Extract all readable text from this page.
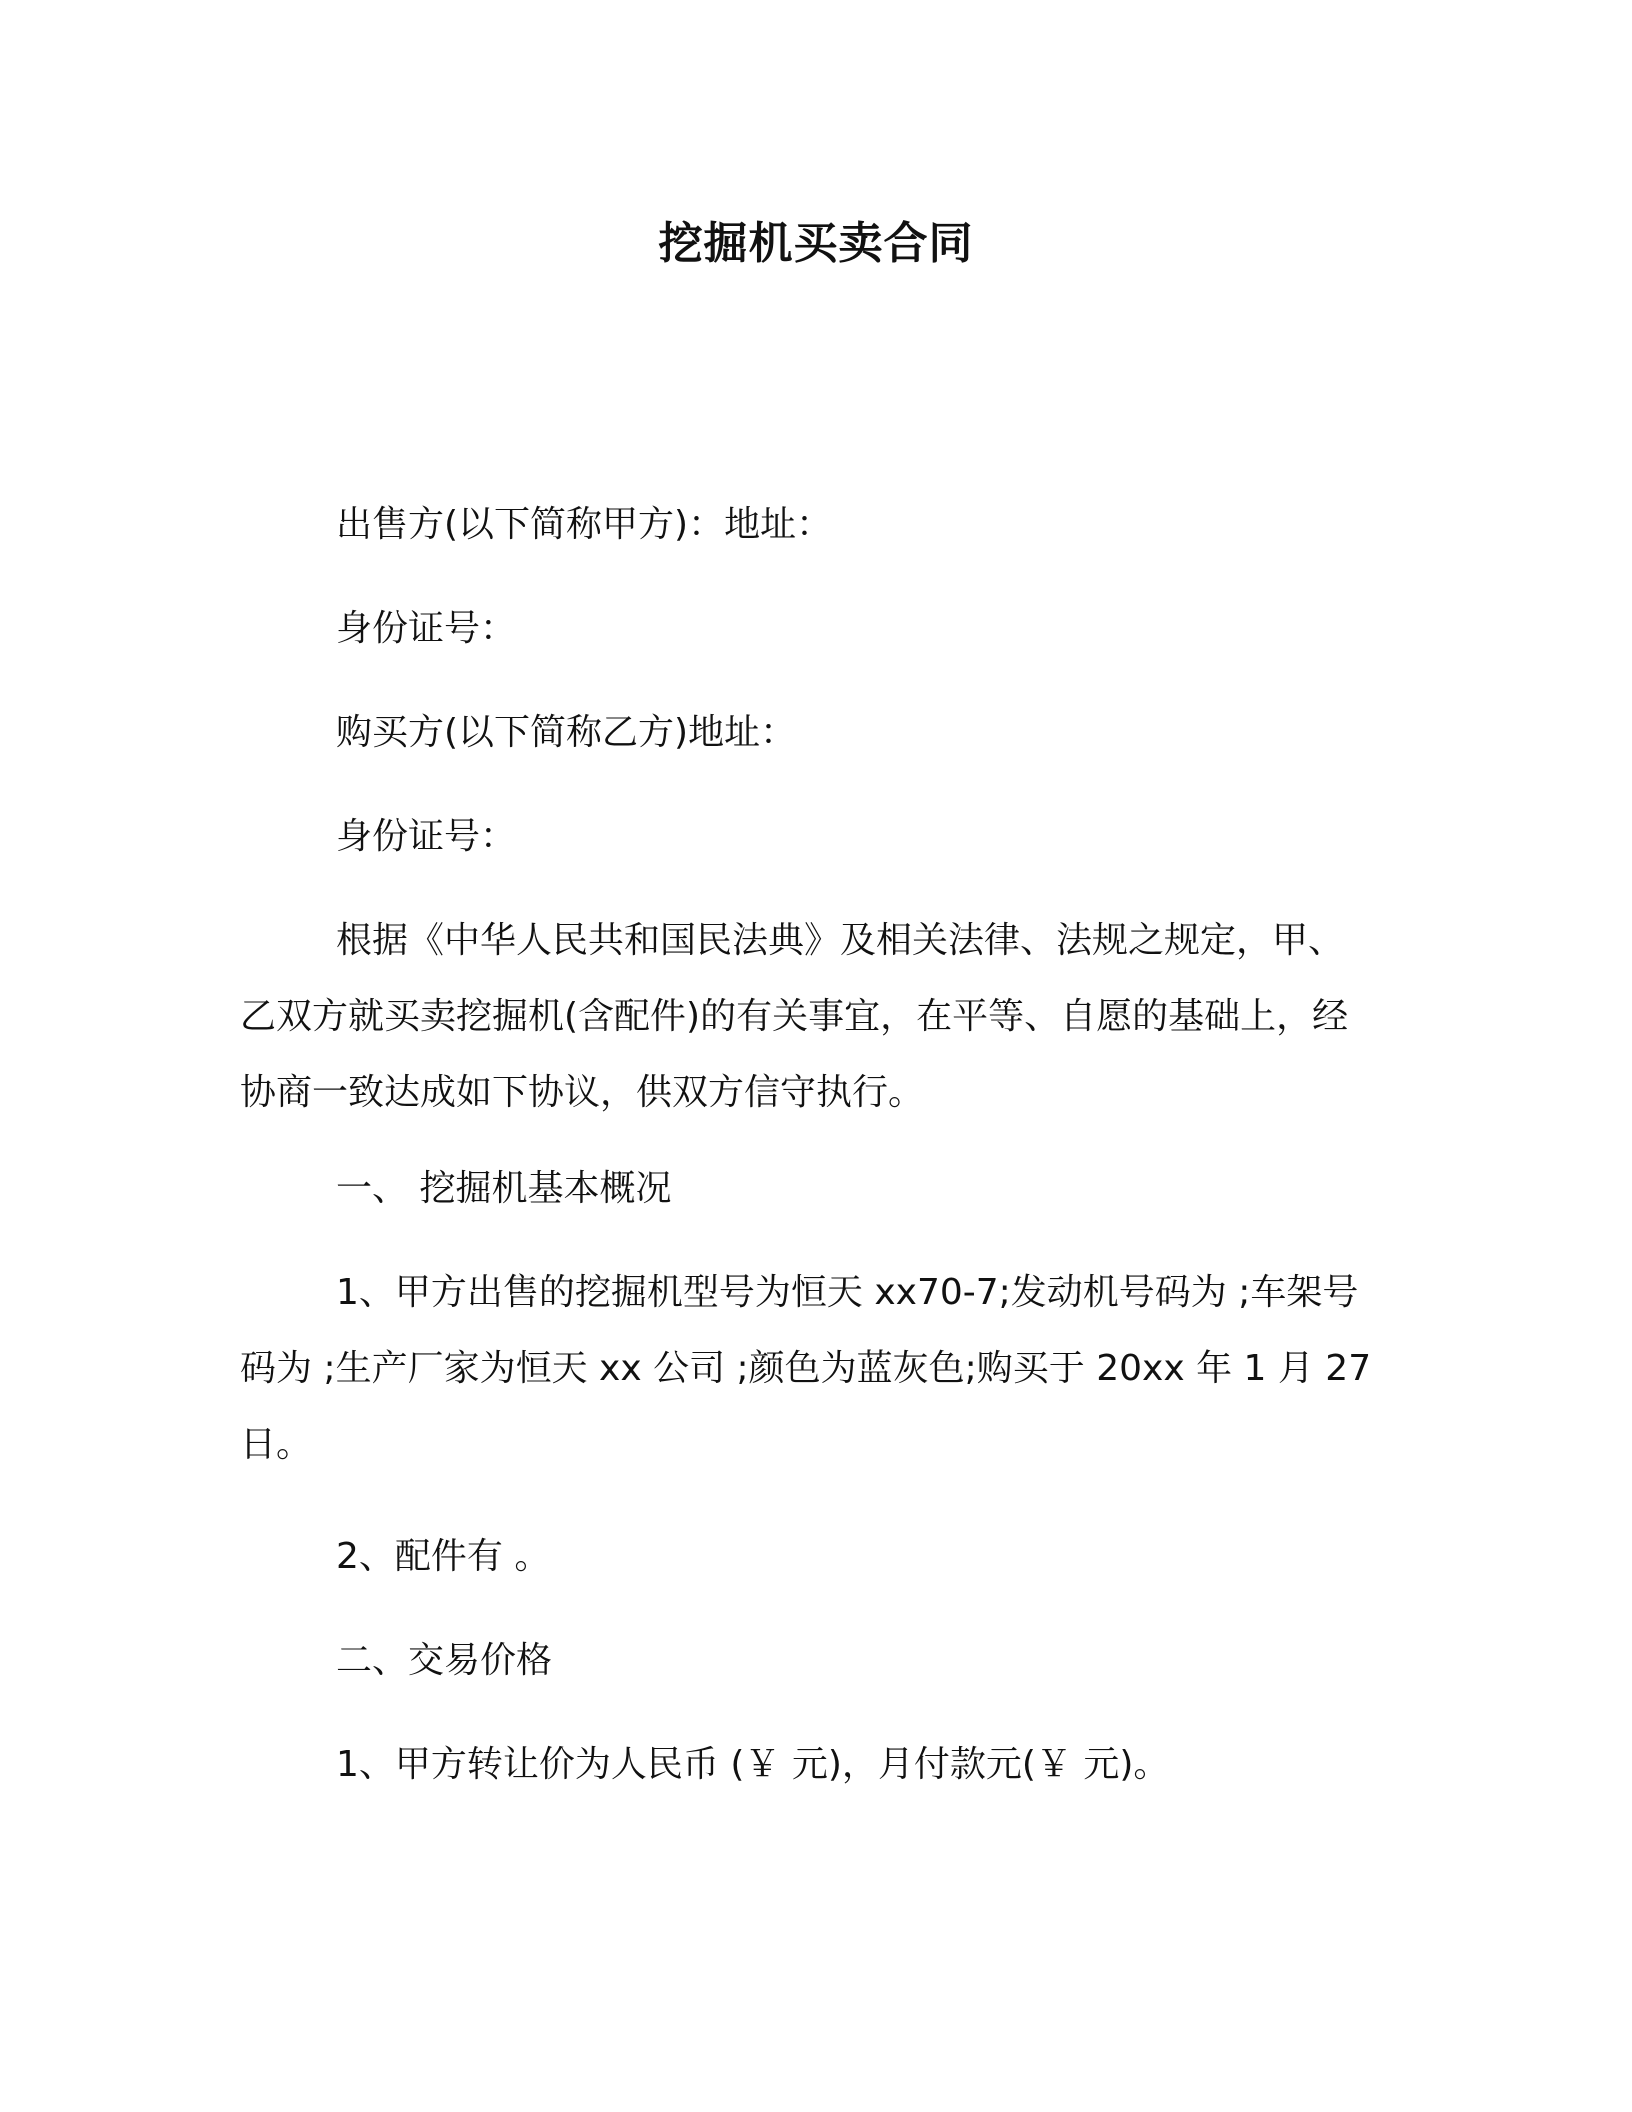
挖掘机买卖合同
出售方(以下简称甲方)：地址：
身份证号：
购买方(以下简称乙方)地址：
身份证号：
根据《中华人民共和国民法典》及相关法律、法规之规定，甲、
乙双方就买卖挖掘机(含配件)的有关事宜，在平等、自愿的基础上，经
协商一致达成如下协议，供双方信守执行。
一、 挖掘机基本概况
1、甲方出售的挖掘机型号为恒天 xx70-7;发动机号码为 ;车架号
码为 ;生产厂家为恒天 xx 公司 ;颜色为蓝灰色;购买于 20xx 年 1 月 27
日。
2、配件有 。
二、交易价格
1、甲方转让价为人民币 (￥ 元)，月付款元(￥ 元)。
